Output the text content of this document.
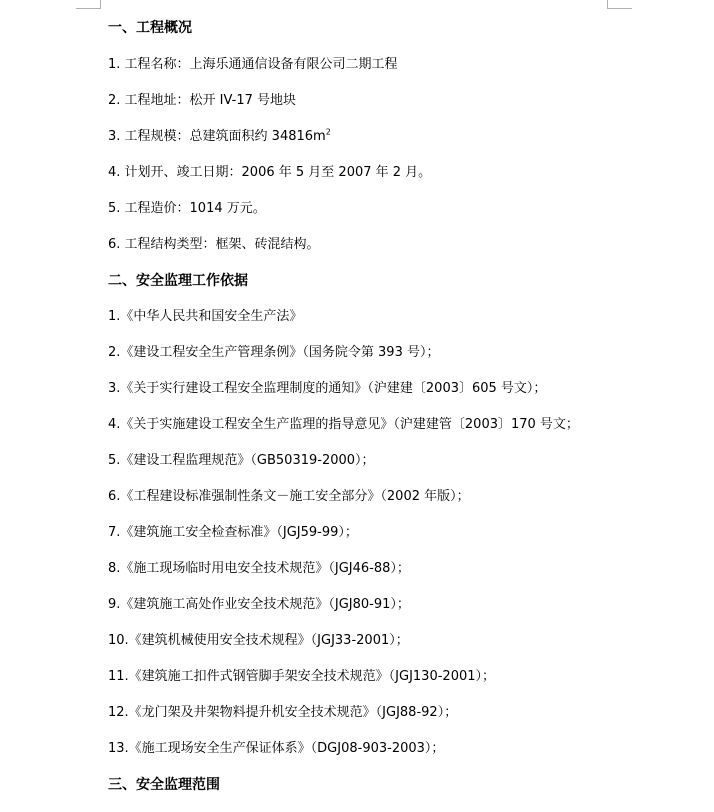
一、工程概况
1. 工程名称：上海乐通通信设备有限公司二期工程
2. 工程地址：松开 IV-17 号地块
3. 工程规模：总建筑面积约 $34816m^2$
4. 计划开、竣工日期：2006 年 5 月至 2007 年 2 月。
5. 工程造价：1014 万元。
6. 工程结构类型：框架、砖混结构。
二、安全监理工作依据
1.《中华人民共和国安全生产法》
2.《建设工程安全生产管理条例》（国务院令第 393 号）；
3.《关于实行建设工程安全监理制度的通知》（沪建建〔2003〕605 号文）；
4.《关于实施建设工程安全生产监理的指导意见》（沪建建管〔2003〕170 号文；
5.《建设工程监理规范》（GB50319-2000）；
6.《工程建设标准强制性条文－施工安全部分》（2002 年版）；
7.《建筑施工安全检查标准》（JGJ59-99）；
8.《施工现场临时用电安全技术规范》（JGJ46-88）；
9.《建筑施工高处作业安全技术规范》（JGJ80-91）；
10.《建筑机械使用安全技术规程》（JGJ33-2001）；
11.《建筑施工扣件式钢管脚手架安全技术规范》（JGJ130-2001）；
12.《龙门架及井架物料提升机安全技术规范》（JGJ88-92）；
13.《施工现场安全生产保证体系》（DGJ08-903-2003）；
三、安全监理范围
